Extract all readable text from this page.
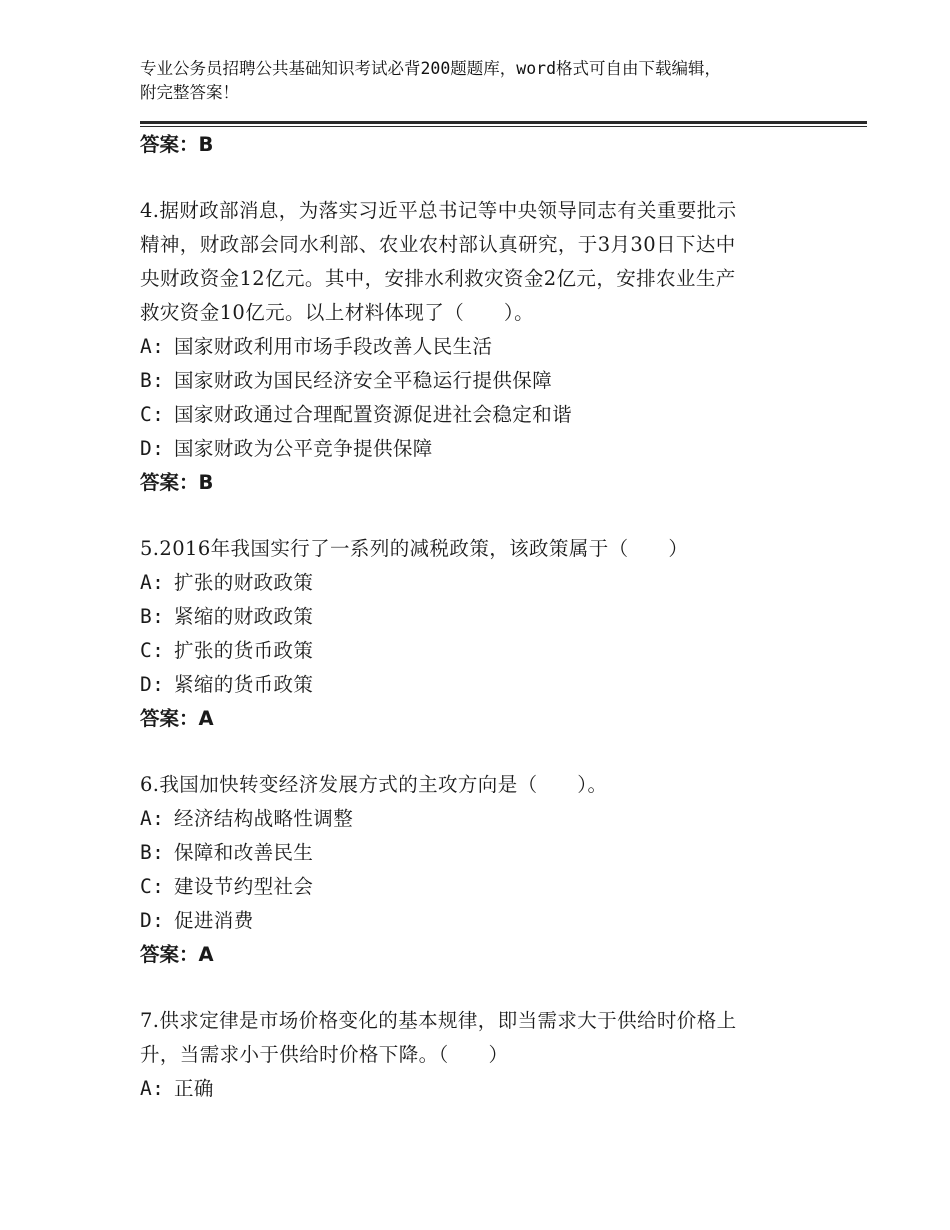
专业公务员招聘公共基础知识考试必背200题题库，word格式可自由下载编辑，
附完整答案！
答案：B
4.据财政部消息，为落实习近平总书记等中央领导同志有关重要批示
精神，财政部会同水利部、农业农村部认真研究，于3月30日下达中
央财政资金12亿元。其中，安排水利救灾资金2亿元，安排农业生产
救灾资金10亿元。以上材料体现了（　　）。
A: 国家财政利用市场手段改善人民生活
B: 国家财政为国民经济安全平稳运行提供保障
C: 国家财政通过合理配置资源促进社会稳定和谐
D: 国家财政为公平竞争提供保障
答案：B
5.2016年我国实行了一系列的减税政策，该政策属于（　　）
A: 扩张的财政政策
B: 紧缩的财政政策
C: 扩张的货币政策
D: 紧缩的货币政策
答案：A
6.我国加快转变经济发展方式的主攻方向是（　　）。
A: 经济结构战略性调整
B: 保障和改善民生
C: 建设节约型社会
D: 促进消费
答案：A
7.供求定律是市场价格变化的基本规律，即当需求大于供给时价格上
升，当需求小于供给时价格下降。（　　）
A: 正确
